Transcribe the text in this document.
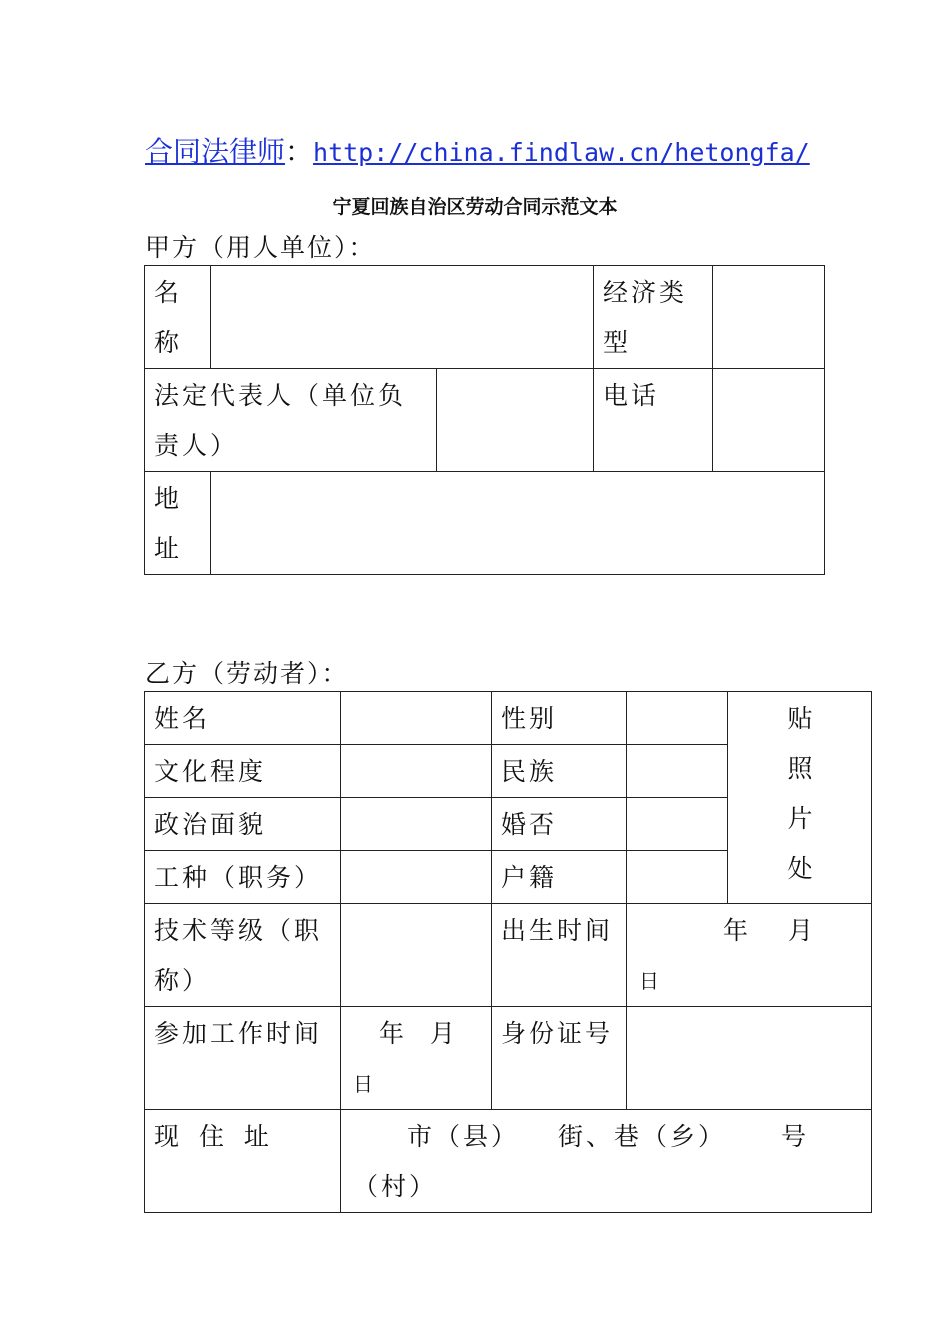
合同法律师：http://china.findlaw.cn/hetongfa/
宁夏回族自治区劳动合同示范文本
甲方（用人单位）：
名称			经济类型	
法定代表人（单位负责人）			电话	
地址				
乙方（劳动者）：
姓名		性别		贴照片处

文化程度		民族		
政治面貌		婚否		
工种（职务）		户籍		
技术等级（职称）		出生时间	年 月
日	

参加工作时间	年 月
日	身份证号		
现 住 址	市（县） 街、巷（乡） 号
（村）			
